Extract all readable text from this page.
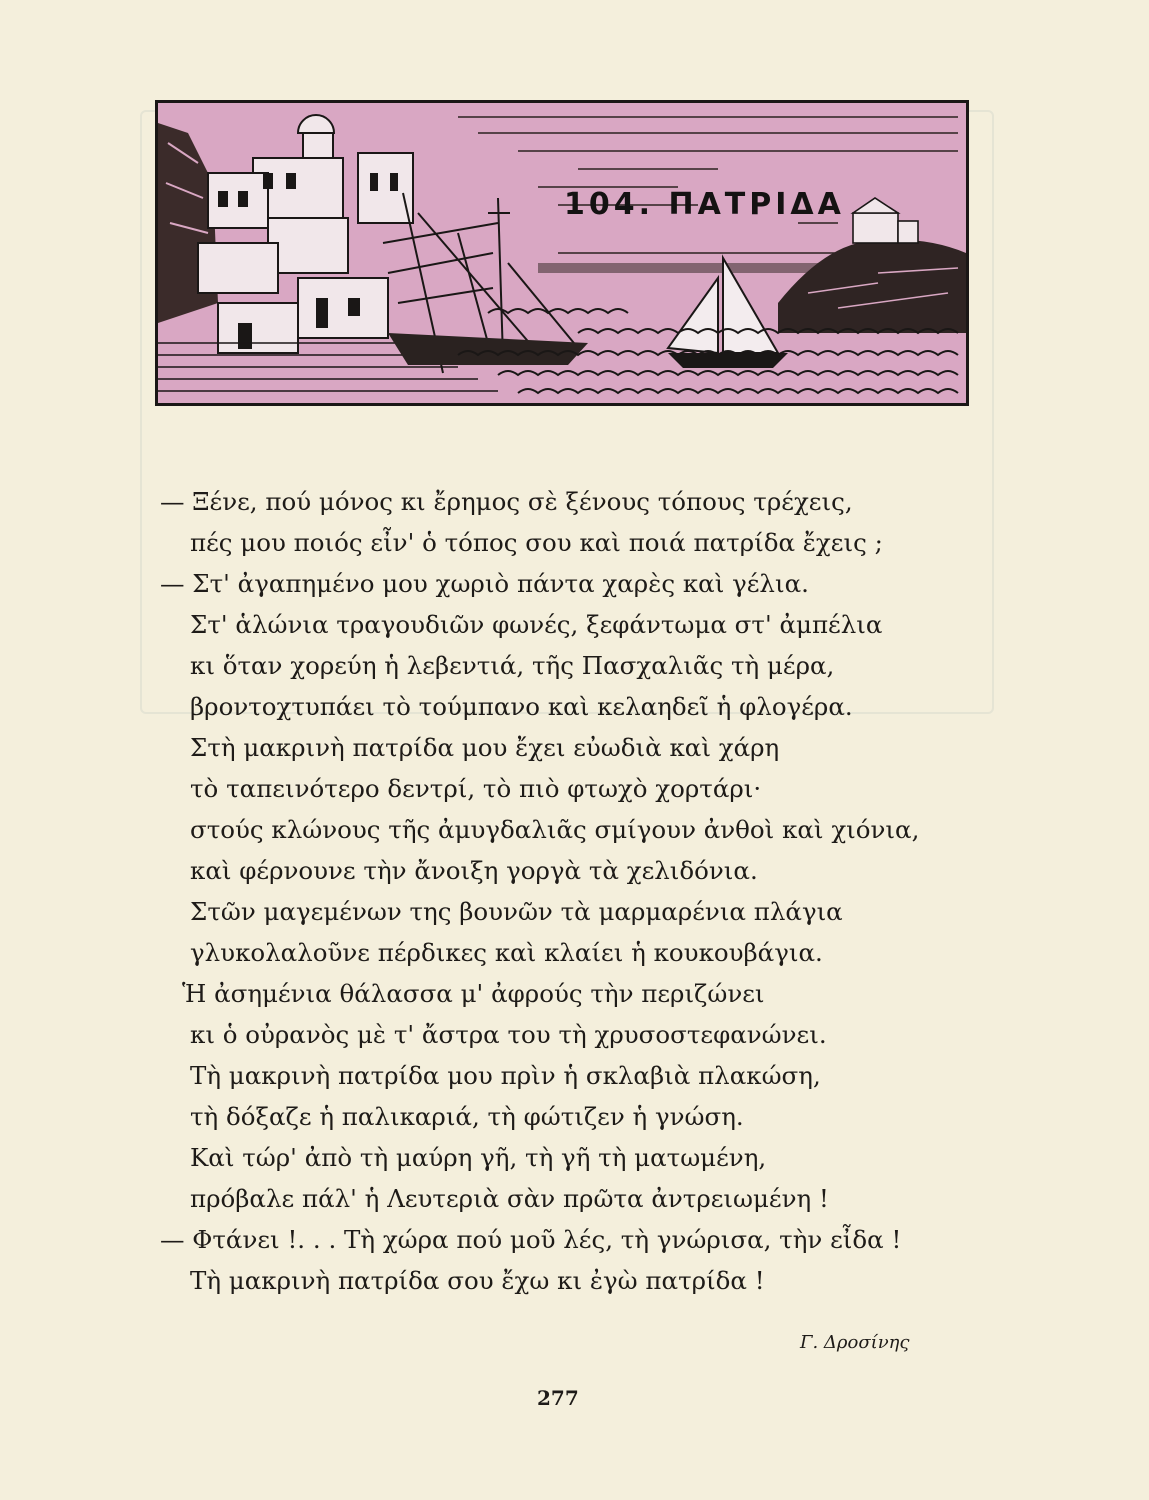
104. ΠΑΤΡΙΔΑ
— Ξένε, πού μόνος κι ἔρημος σὲ ξένους τόπους τρέχεις,
πές μου ποιός εἶν' ὁ τόπος σου καὶ ποιά πατρίδα ἔχεις ;
— Στ' ἀγαπημένο μου χωριὸ πάντα χαρὲς καὶ γέλια.
Στ' ἁλώνια τραγουδιῶν φωνές, ξεφάντωμα στ' ἀμπέλια
κι ὅταν χορεύη ἡ λεβεντιά, τῆς Πασχαλιᾶς τὴ μέρα,
βροντοχτυπάει τὸ τούμπανο καὶ κελαηδεῖ ἡ φλογέρα.
Στὴ μακρινὴ πατρίδα μου ἔχει εὐωδιὰ καὶ χάρη
τὸ ταπεινότερο δεντρί, τὸ πιὸ φτωχὸ χορτάρι·
στούς κλώνους τῆς ἀμυγδαλιᾶς σμίγουν ἀνθοὶ καὶ χιόνια,
καὶ φέρνουνε τὴν ἄνοιξη γοργὰ τὰ χελιδόνια.
Στῶν μαγεμένων της βουνῶν τὰ μαρμαρένια πλάγια
γλυκολαλοῦνε πέρδικες καὶ κλαίει ἡ κουκουβάγια.
Ἡ ἀσημένια θάλασσα μ' ἀφρούς τὴν περιζώνει
κι ὁ οὐρανὸς μὲ τ' ἄστρα του τὴ χρυσοστεφανώνει.
Τὴ μακρινὴ πατρίδα μου πρὶν ἡ σκλαβιὰ πλακώση,
τὴ δόξαζε ἡ παλικαριά, τὴ φώτιζεν ἡ γνώση.
Καὶ τώρ' ἀπὸ τὴ μαύρη γῆ, τὴ γῆ τὴ ματωμένη,
πρόβαλε πάλ' ἡ Λευτεριὰ σὰν πρῶτα ἀντρειωμένη !
— Φτάνει !. . . Τὴ χώρα πού μοῦ λές, τὴ γνώρισα, τὴν εἶδα !
Τὴ μακρινὴ πατρίδα σου ἔχω κι ἐγὼ πατρίδα !
Γ. Δροσίνης
277
